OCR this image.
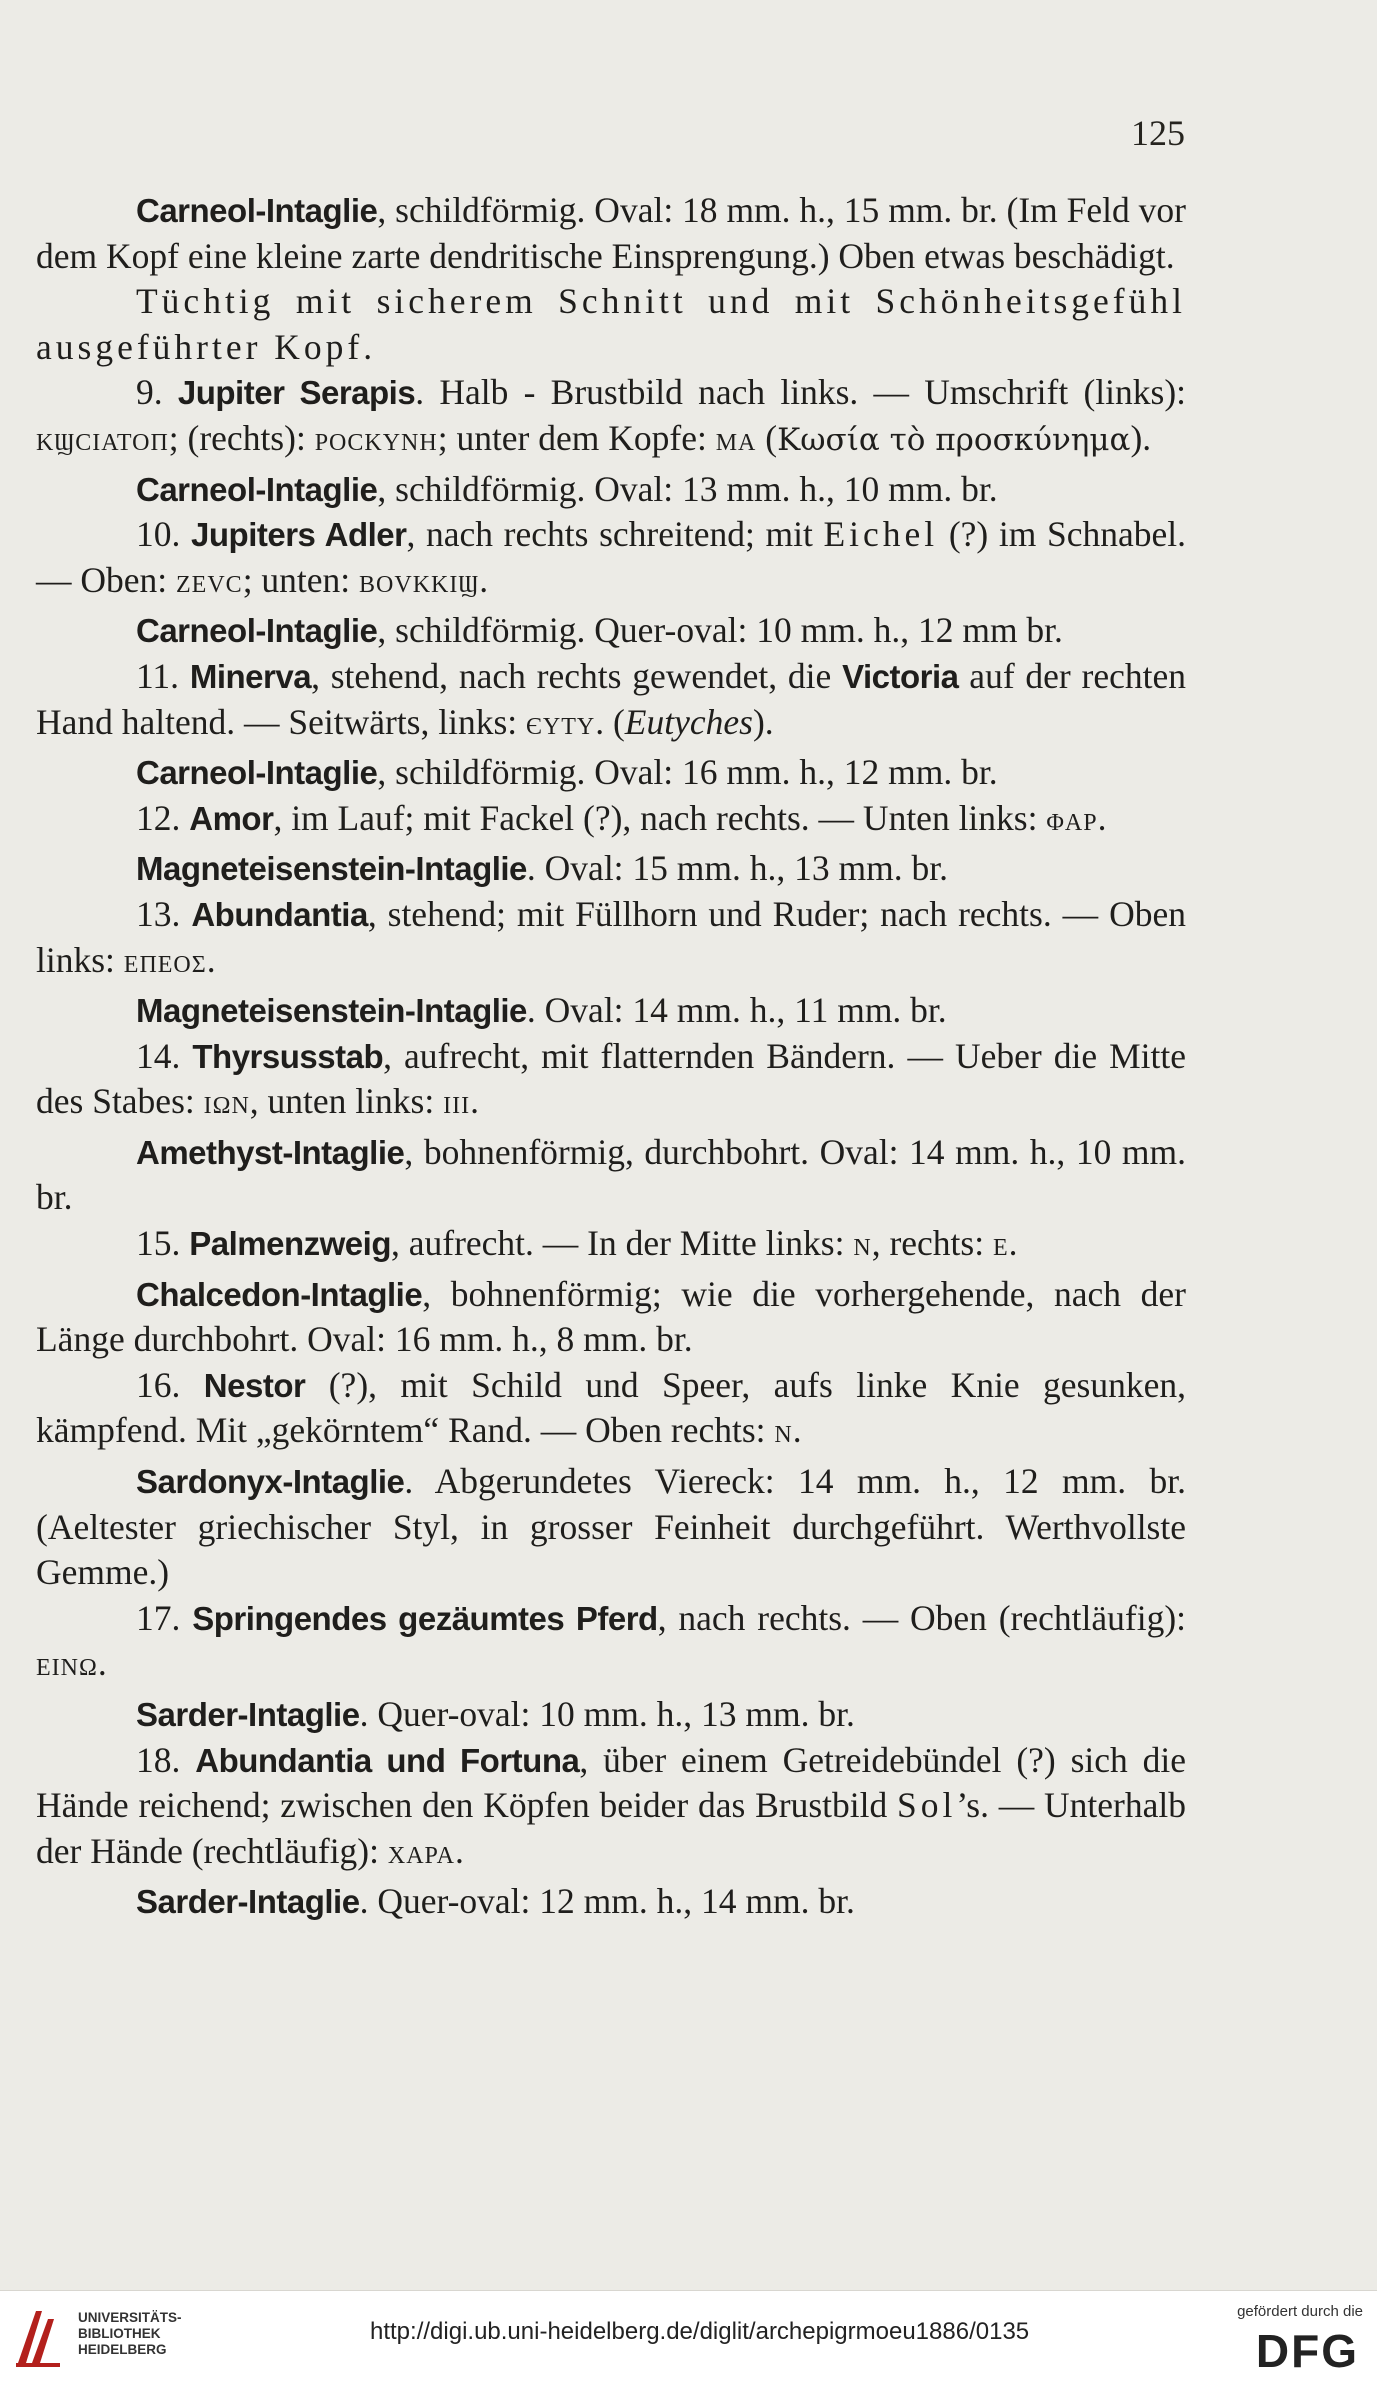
125

Carneol-Intaglie, schildförmig. Oval: 18 mm. h., 15 mm. br. (Im Feld vor dem Kopf eine kleine zarte dendritische Einsprengung.) Oben etwas beschädigt.

Tüchtig mit sicherem Schnitt und mit Schönheitsgefühl ausgeführter Kopf.

9. Jupiter Serapis. Halb - Brustbild nach links. — Umschrift (links): ΚϢCΙΑΤΟΠ; (rechts): POCKYNH; unter dem Kopfe: MA (Κωσία τὸ προσκύνημα).

Carneol-Intaglie, schildförmig. Oval: 13 mm. h., 10 mm. br.

10. Jupiters Adler, nach rechts schreitend; mit Eichel (?) im Schnabel. — Oben: ZEVC; unten: BOVKKIϢ.

Carneol-Intaglie, schildförmig. Quer-oval: 10 mm. h., 12 mm br.

11. Minerva, stehend, nach rechts gewendet, die Victoria auf der rechten Hand haltend. — Seitwärts, links: ЄYTY. (Eutyches).

Carneol-Intaglie, schildförmig. Oval: 16 mm. h., 12 mm. br.

12. Amor, im Lauf; mit Fackel (?), nach rechts. — Unten links: ΦAP.

Magneteisenstein-Intaglie. Oval: 15 mm. h., 13 mm. br.

13. Abundantia, stehend; mit Füllhorn und Ruder; nach rechts. — Oben links: ΕΠΕΟΣ.

Magneteisenstein-Intaglie. Oval: 14 mm. h., 11 mm. br.

14. Thyrsusstab, aufrecht, mit flatternden Bändern. — Ueber die Mitte des Stabes: IΩN, unten links: III.

Amethyst-Intaglie, bohnenförmig, durchbohrt. Oval: 14 mm. h., 10 mm. br.

15. Palmenzweig, aufrecht. — In der Mitte links: N, rechts: E.

Chalcedon-Intaglie, bohnenförmig; wie die vorhergehende, nach der Länge durchbohrt. Oval: 16 mm. h., 8 mm. br.

16. Nestor (?), mit Schild und Speer, aufs linke Knie gesunken, kämpfend. Mit „gekörntem“ Rand. — Oben rechts: N.

Sardonyx-Intaglie. Abgerundetes Viereck: 14 mm. h., 12 mm. br. (Aeltester griechischer Styl, in grosser Feinheit durchgeführt. Werthvollste Gemme.)

17. Springendes gezäumtes Pferd, nach rechts. — Oben (rechtläufig): EINΩ.

Sarder-Intaglie. Quer-oval: 10 mm. h., 13 mm. br.

18. Abundantia und Fortuna, über einem Getreidebündel (?) sich die Hände reichend; zwischen den Köpfen beider das Brustbild Sol’s. — Unterhalb der Hände (rechtläufig): XAPA.

Sarder-Intaglie. Quer-oval: 12 mm. h., 14 mm. br.

UNIVERSITÄTS-
BIBLIOTHEK
HEIDELBERG
http://digi.ub.uni-heidelberg.de/diglit/archepigrmoeu1886/0135
gefördert durch die
DFG
